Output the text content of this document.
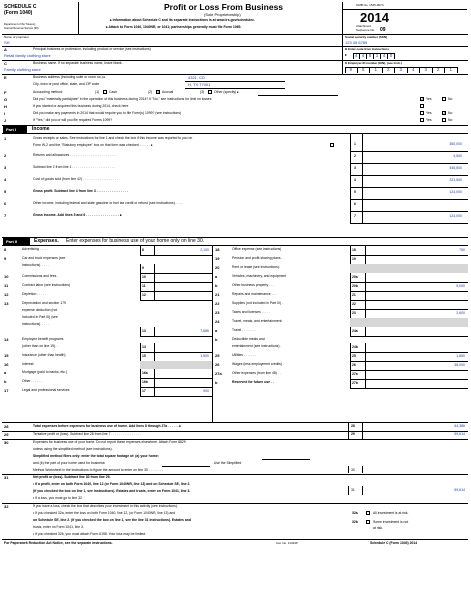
SCHEDULE C
(Form 1040)
Department of the Treasury
Internal Revenue Service (99)
Profit or Loss From Business
(Sole Proprietorship)
▸ Information about Schedule C and its separate instructions is at www.irs.gov/schedulec.
▸ Attach to Form 1040, 1040NR, or 1041; partnerships generally must file Form 1065.
OMB No. 1545-0074
2014
Attachment
Sequence No. 09
Name of proprietor
SH
Social security number (SSN)
123 45 6789
A	Principal business or profession, including product or service (see instructions)
Retail family clothing store
B Enter code from instructions
▸
C	Business name. If no separate business name, leave blank.
Family clothing store
D Employer ID number (EIN), (see instr.)
E	Business address (including suite or room no.) ▸	4321, CD
City, town or post office, state, and ZIP code	H, TX 77001
F	Accounting method:	(1)	Cash	(2) ✓ Accrual	(3)	Other (specify) ▸
G	Did you "materially participate" in the operation of this business during 2014? If "No," see instructions for limit on losses	✓ Yes	No
H	If you started or acquired this business during 2014, check here
I	Did you make any payments in 2014 that would require you to file Form(s) 1099? (see instructions)	Yes	✓ No
J	If "Yes," did you or will you file required Forms 1099?	Yes	No
Part I	Income
Part II	Expenses. Enter expenses for business use of your home only on line 30.
30	Expenses for business use of your home. Do not report these expenses elsewhere. Attach Form 8829
unless using the simplified method (see instructions).
Simplified method filers only: enter the total square footage of: (a) your home:
and (b) the part of your home used for business:	. Use the Simplified
Method Worksheet in the instructions to figure the amount to enter on line 30 . . . . . . . .	30
31	Net profit or (loss). Subtract line 30 from line 29.
• If a profit, enter on both Form 1040, line 12 (or Form 1040NR, line 13) and on Schedule SE, line 2.
(If you checked the box on line 1, see instructions). Estates and trusts, enter on Form 1041, line 3.
• If a loss, you must go to line 32.
31	59,614
32	If you have a loss, check the box that describes your investment in this activity (see instructions).
• If you checked 32a, enter the loss on both Form 1040, line 12, (or Form 1040NR, line 13) and
on Schedule SE, line 2. (If you checked the box on line 1, see the line 31 instructions). Estates and
trusts, enter on Form 1041, line 3.
• If you checked 32b, you must attach Form 6198. Your loss may be limited.
32a	All investment is at risk.
32b	Some investment is not
at risk.
For Paperwork Reduction Act Notice, see the separate instructions.	Cat. No. 11334P	Schedule C (Form 1040) 2014
4 4 8 1 4 0
9	5	1	2	3	4	3	2	1
1	Gross receipts or sales. See instructions for line 1 and check the box if this income was reported to you on
Form W-2 and the "Statutory employee" box on that form was checked . . . . . . ▸	1	350,000
2	Returns and allowances . . . . . . . . . . . . . . . . . . . . . . . . .	2	4,500
3	Subtract line 2 from line 1 . . . . . . . . . . . . . . . . . . . . . . .	3	345,500
4	Cost of goods sold (from line 42) . . . . . . . . . . . . . . . . . . . .	4	221,500
5	Gross profit. Subtract line 4 from line 3 . . . . . . . . . . . . . . . . .	5	124,000
6	Other income, including federal and state gasoline or fuel tax credit or refund (see instructions) . . . .	6
7	Gross income. Add lines 5 and 6 . . . . . . . . . . . . . . . . . . ▸	7	124,000
8	Advertising . . . . .	8	2,100
9	Car and truck expenses (see
instructions). . . . .
9
10	Commissions and fees .	10
11	Contract labor (see instructions)	11
12	Depletion . . . . .	12
13	Depreciation and section 179
expense deduction (not
included in Part III) (see
instructions). . . . .
13	7,686
14	Employee benefit programs
(other than on line 19). .	14
15	Insurance (other than health)	15	1,500
16	Interest:
a	Mortgage (paid to banks, etc.)	16a
b	Other . . . . . .	16b
17	Legal and professional services	17	900
18	Office expense (see instructions)	18	750
19	Pension and profit-sharing plans .	19
20	Rent or lease (see instructions):
a	Vehicles, machinery, and equipment	20a
b	Other business property . . .	20b	9,000
21	Repairs and maintenance . . .	21
22	Supplies (not included in Part III) .	22
23	Taxes and licenses . . . . .	23	2,600
24	Travel, meals, and entertainment:
a	Travel . . . . . . . .	24a
b	Deductible meals and
entertainment (see instructions) .	24b
25	Utilities . . . . . . .	25	1,850
26	Wages (less employment credits) .	26	38,000
27a	Other expenses (from line 48) . .	27a
b	Reserved for future use . .	27b
28	Total expenses before expenses for business use of home. Add lines 8 through 27a . . . . . . ▸	28	64,386
29	Tentative profit or (loss). Subtract line 28 from line 7 . . . . . . . . . . . . . . . .	29	59,614
